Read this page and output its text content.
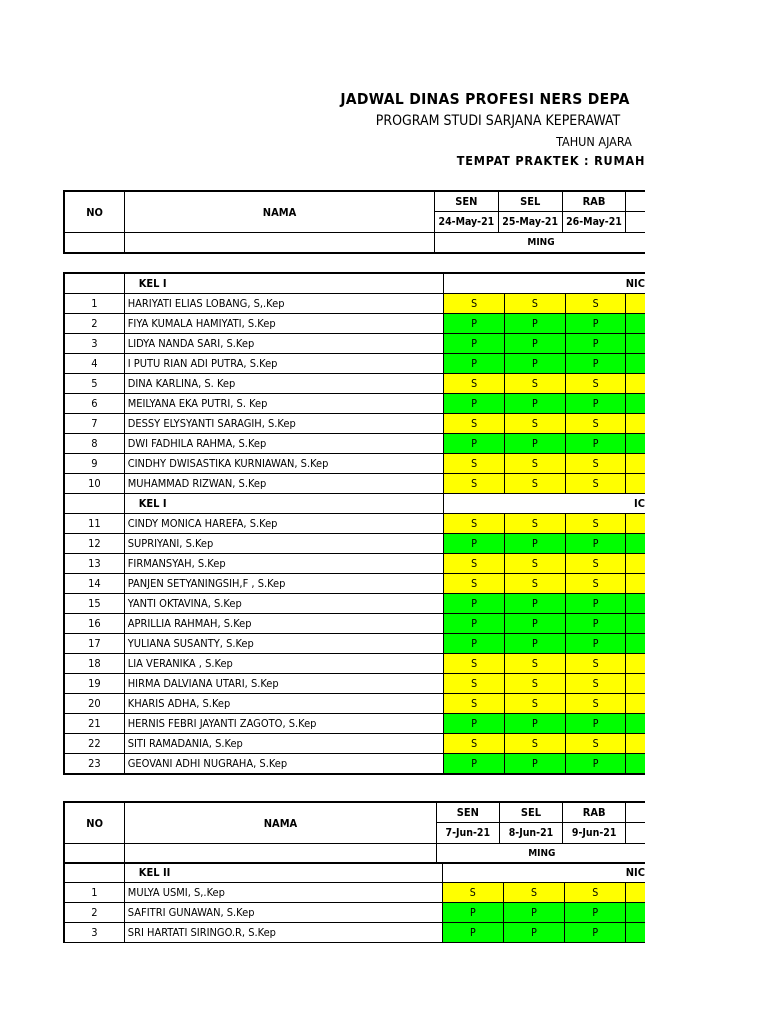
JADWAL DINAS PROFESI NERS DEPA
PROGRAM STUDI SARJANA KEPERAWAT
TAHUN AJARA
TEMPAT PRAKTEK : RUMAH
NO	NAMA	SEN	SEL	RAB	
		24-May-21	25-May-21	26-May-21	
		MING			
	KEL I	NIC			
1	HARIYATI ELIAS LOBANG, S,.Kep	S	S	S	
2	FIYA KUMALA HAMIYATI, S.Kep	P	P	P	
3	LIDYA NANDA SARI, S.Kep	P	P	P	
4	I PUTU RIAN ADI PUTRA, S.Kep	P	P	P	
5	DINA KARLINA, S. Kep	S	S	S	
6	MEILYANA EKA PUTRI, S. Kep	P	P	P	
7	DESSY ELYSYANTI SARAGIH, S.Kep	S	S	S	
8	DWI FADHILA RAHMA, S.Kep	P	P	P	
9	CINDHY DWISASTIKA KURNIAWAN, S.Kep	S	S	S	
10	MUHAMMAD RIZWAN, S.Kep	S	S	S	
	KEL I	IC			
11	CINDY MONICA HAREFA, S.Kep	S	S	S	
12	SUPRIYANI, S.Kep	P	P	P	
13	FIRMANSYAH, S.Kep	S	S	S	
14	PANJEN SETYANINGSIH,F , S.Kep	S	S	S	
15	YANTI OKTAVINA, S.Kep	P	P	P	
16	APRILLIA RAHMAH, S.Kep	P	P	P	
17	YULIANA SUSANTY, S.Kep	P	P	P	
18	LIA VERANIKA , S.Kep	S	S	S	
19	HIRMA DALVIANA UTARI, S.Kep	S	S	S	
20	KHARIS ADHA, S.Kep	S	S	S	
21	HERNIS FEBRI JAYANTI ZAGOTO, S.Kep	P	P	P	
22	SITI RAMADANIA, S.Kep	S	S	S	
23	GEOVANI ADHI NUGRAHA, S.Kep	P	P	P	
NO	NAMA	SEN	SEL	RAB	
		7-Jun-21	8-Jun-21	9-Jun-21	
		MING			
	KEL II	NIC			
1	MULYA USMI, S,.Kep	S	S	S	
2	SAFITRI GUNAWAN, S.Kep	P	P	P	
3	SRI HARTATI SIRINGO.R, S.Kep	P	P	P	
